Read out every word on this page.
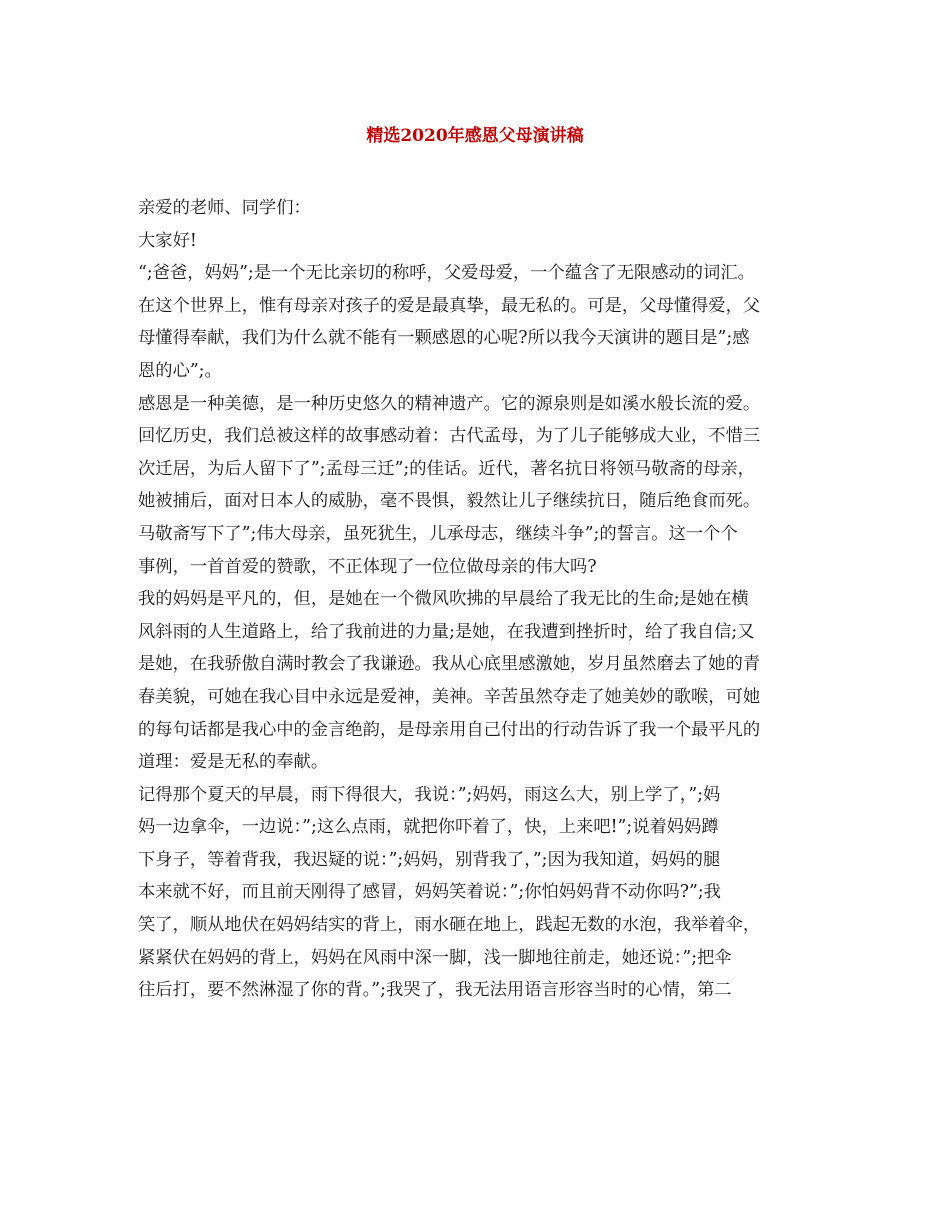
精选2020年感恩父母演讲稿
亲爱的老师、同学们：
大家好!
“;爸爸，妈妈”;是一个无比亲切的称呼，父爱母爱，一个蕴含了无限感动的词汇。
在这个世界上，惟有母亲对孩子的爱是最真挚，最无私的。可是，父母懂得爱，父
母懂得奉献，我们为什么就不能有一颗感恩的心呢?所以我今天演讲的题目是”;感
恩的心”;。
感恩是一种美德，是一种历史悠久的精神遗产。它的源泉则是如溪水般长流的爱。
回忆历史，我们总被这样的故事感动着：古代孟母，为了儿子能够成大业，不惜三
次迁居，为后人留下了”;孟母三迁”;的佳话。近代，著名抗日将领马敬斋的母亲，
她被捕后，面对日本人的威胁，毫不畏惧，毅然让儿子继续抗日，随后绝食而死。
马敬斋写下了”;伟大母亲，虽死犹生，儿承母志，继续斗争”;的誓言。这一个个
事例，一首首爱的赞歌，不正体现了一位位做母亲的伟大吗?
我的妈妈是平凡的，但，是她在一个微风吹拂的早晨给了我无比的生命;是她在横
风斜雨的人生道路上，给了我前进的力量;是她，在我遭到挫折时，给了我自信;又
是她，在我骄傲自满时教会了我谦逊。我从心底里感激她，岁月虽然磨去了她的青
春美貌，可她在我心目中永远是爱神，美神。辛苦虽然夺走了她美妙的歌喉，可她
的每句话都是我心中的金言绝韵，是母亲用自己付出的行动告诉了我一个最平凡的
道理：爱是无私的奉献。
记得那个夏天的早晨，雨下得很大，我说：”;妈妈，雨这么大，别上学了，”;妈
妈一边拿伞，一边说：”;这么点雨，就把你吓着了，快，上来吧!”;说着妈妈蹲
下身子，等着背我，我迟疑的说：”;妈妈，别背我了，”;因为我知道，妈妈的腿
本来就不好，而且前天刚得了感冒，妈妈笑着说：”;你怕妈妈背不动你吗?”;我
笑了，顺从地伏在妈妈结实的背上，雨水砸在地上，践起无数的水泡，我举着伞，
紧紧伏在妈妈的背上，妈妈在风雨中深一脚，浅一脚地往前走，她还说：”;把伞
往后打，要不然淋湿了你的背。”;我哭了，我无法用语言形容当时的心情，第二
